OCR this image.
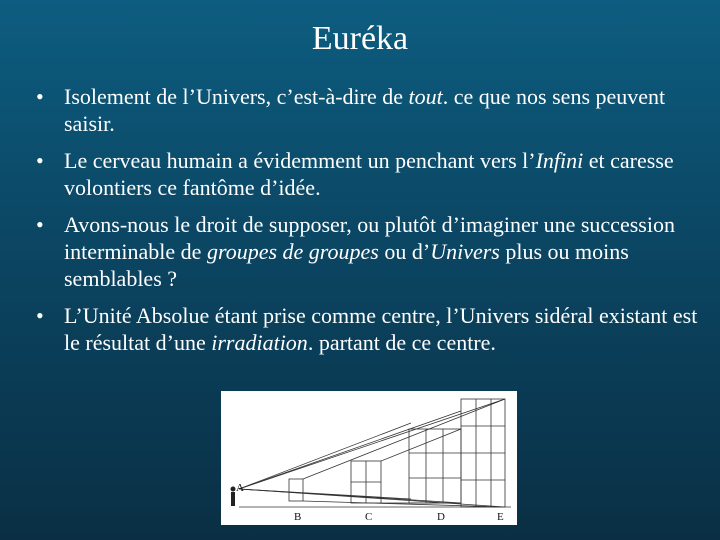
Euréka
• Isolement de l’Univers, c’est-à-dire de tout. ce que nos sens peuvent saisir.
• Le cerveau humain a évidemment un penchant vers l’Infini et caresse volontiers ce fantôme d’idée.
• Avons-nous le droit de supposer, ou plutôt d’imaginer une succession interminable de groupes de groupes ou d’Univers plus ou moins semblables ?
• L’Unité Absolue étant prise comme centre, l’Univers sidéral existant est le résultat d’une irradiation. partant de ce centre.
A
B	C	D	E
